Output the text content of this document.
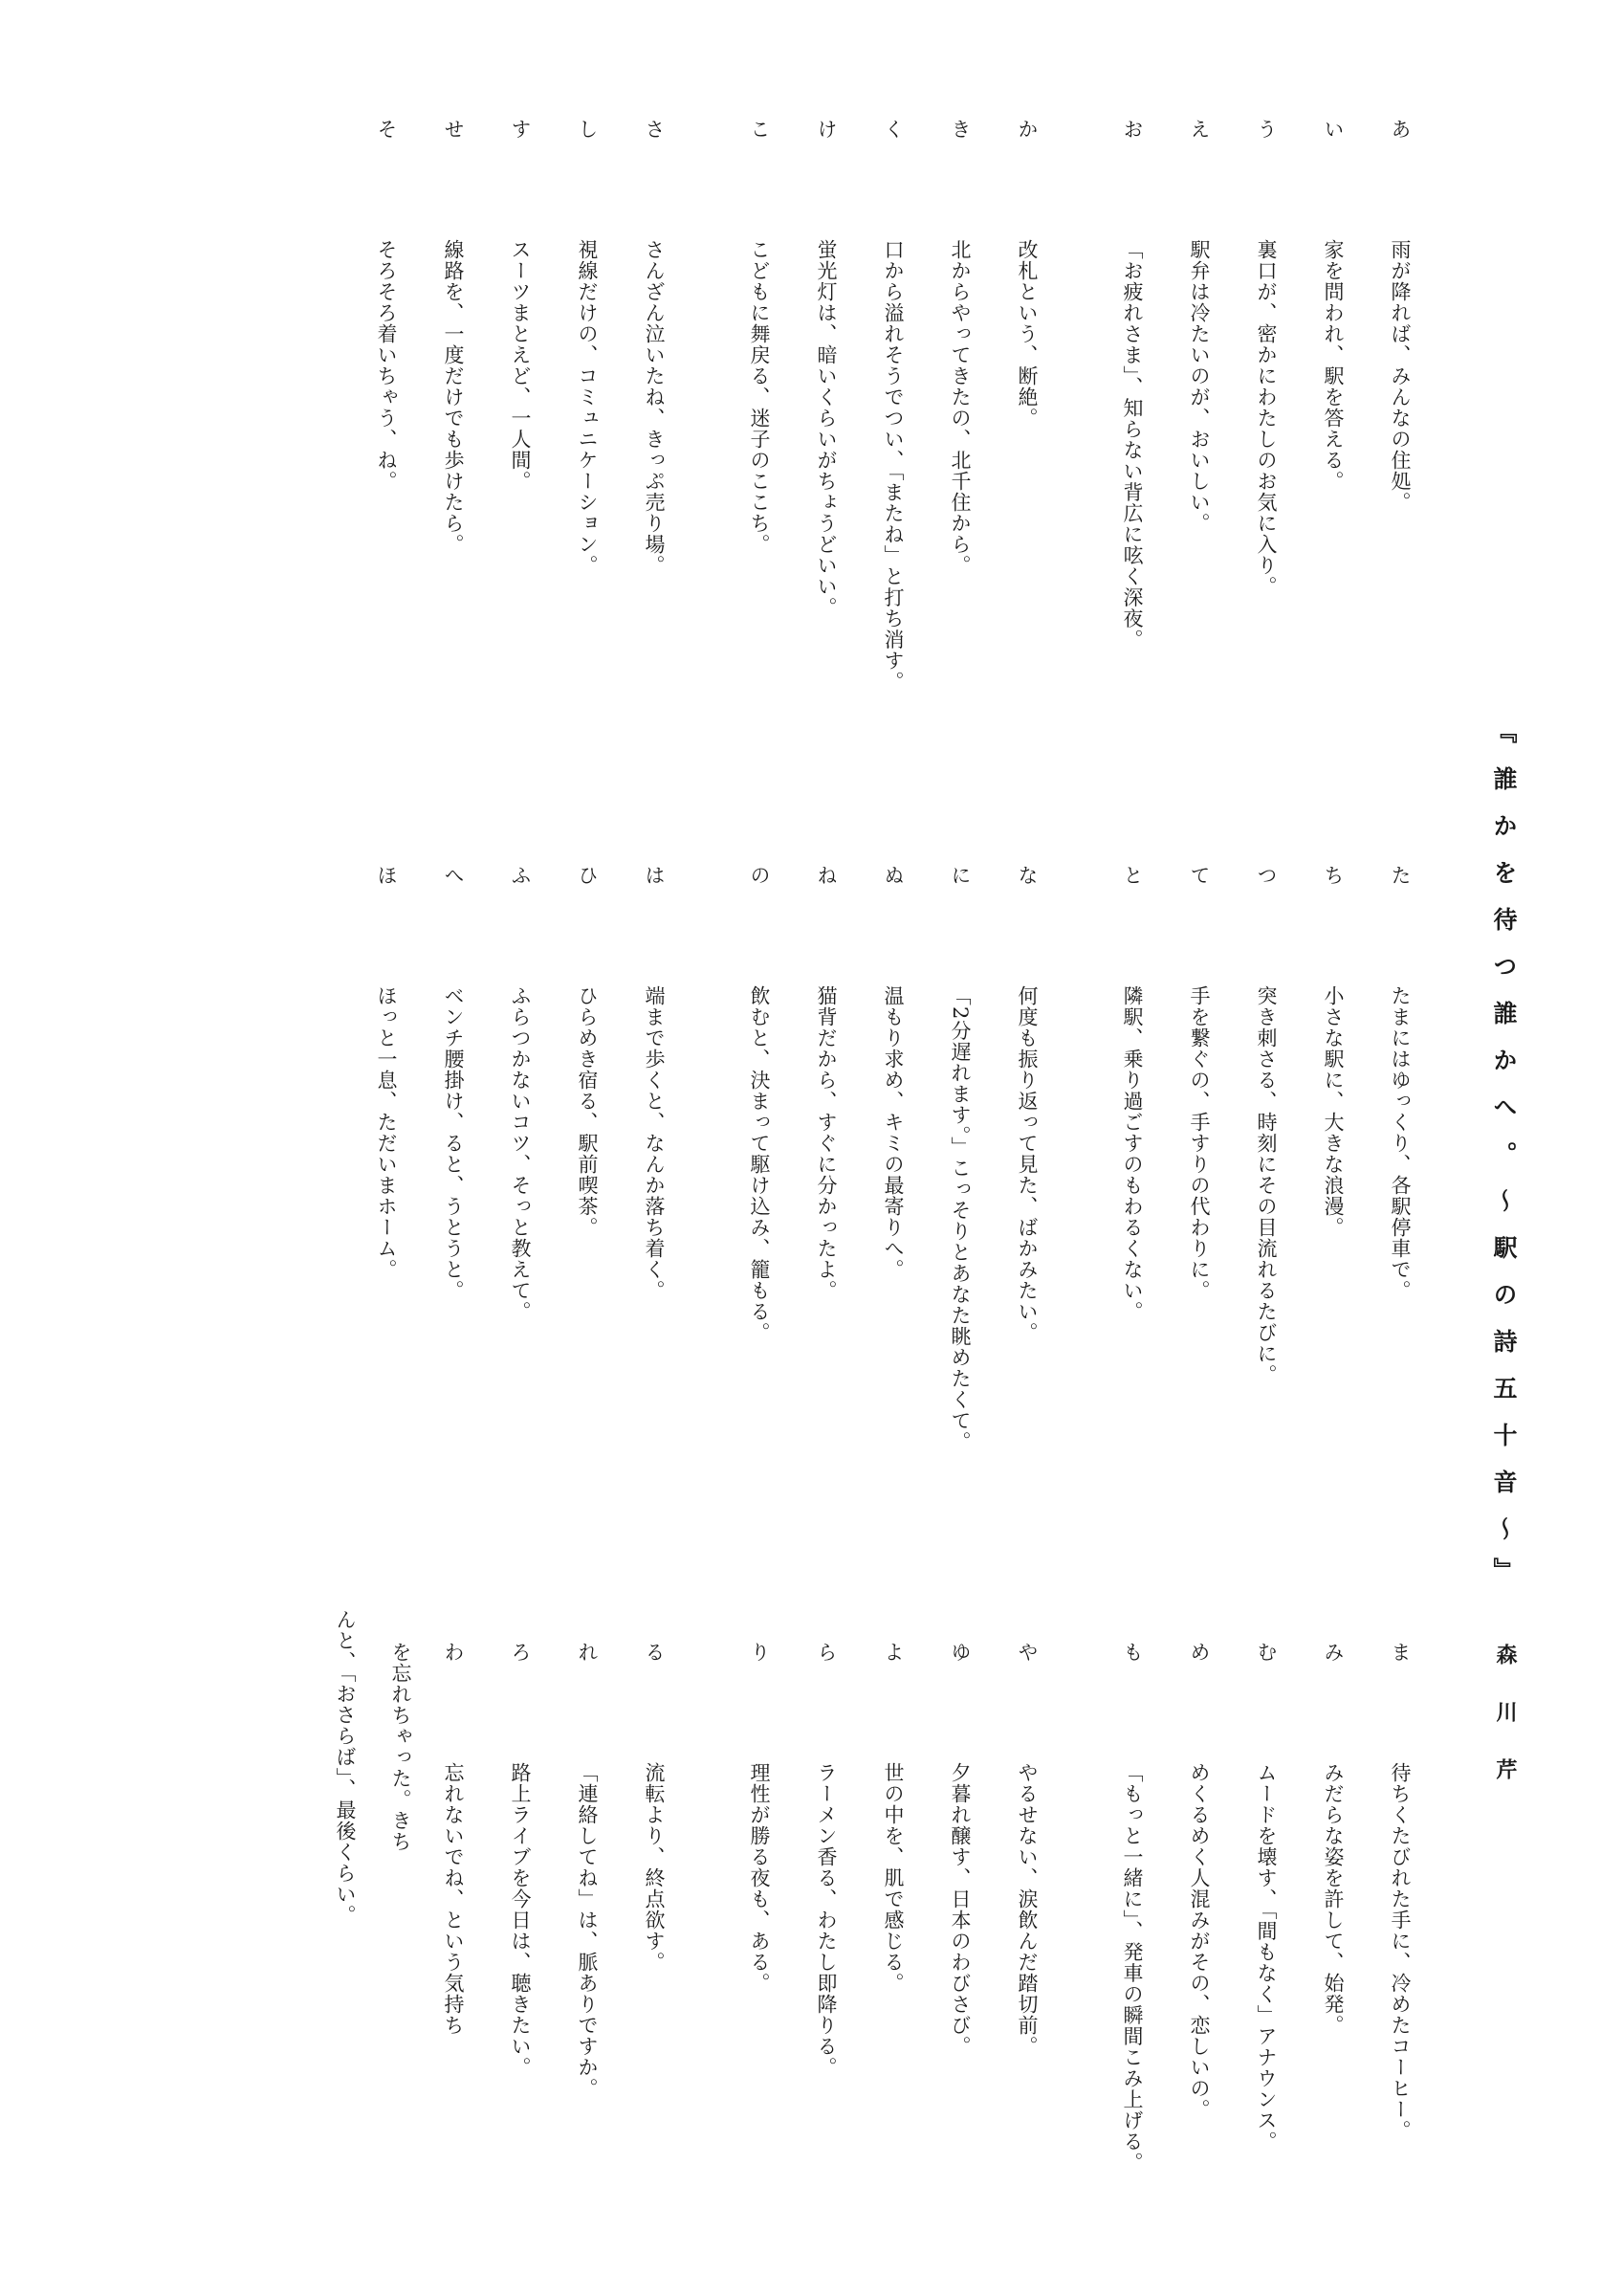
『誰かを待つ誰かへ。～駅の詩五十音～
』
森川芹
あ
雨が降れば、みんなの住処。
い
家を問われ、駅を答える。
う
裏口が、密かにわたしのお気に入り。
え
駅弁は冷たいのが、おいしい。
お
「お疲れさま」、知らない背広に呟く深夜。
か
改札という、断絶。
き
北からやってきたの、北千住から。
く
口から溢れそうでつい、「またね」と打ち消す。
け
蛍光灯は、暗いくらいがちょうどいい。
こ
こどもに舞戻る、迷子のここち。
さ
さんざん泣いたね、きっぷ売り場。
し
視線だけの、コミュニケーション。
す
スーツまとえど、一人間。
せ
線路を、一度だけでも歩けたら。
そ
そろそろ着いちゃう、ね。
た
たまにはゆっくり、各駅停車で。
ち
小さな駅に、大きな浪漫。
つ
突き刺さる、時刻にその目流れるたびに。
て
手を繋ぐの、手すりの代わりに。
と
隣駅、乗り過ごすのもわるくない。
な
何度も振り返って見た、ばかみたい。
に
「2分遅れます。」こっそりとあなた眺めたくて。
ぬ
温もり求め、キミの最寄りへ。
ね
猫背だから、すぐに分かったよ。
の
飲むと、決まって駆け込み、籠もる。
は
端まで歩くと、なんか落ち着く。
ひ
ひらめき宿る、駅前喫茶。
ふ
ふらつかないコツ、そっと教えて。
へ
ベンチ腰掛け、ると、うとうと。
ほ
ほっと一息、ただいまホーム。
ま
待ちくたびれた手に、冷めたコーヒー。
み
みだらな姿を許して、始発。
む
ムードを壊す、「間もなく」アナウンス。
め
めくるめく人混みがその、恋しいの。
も
「もっと一緒に」、発車の瞬間こみ上げる。
や
やるせない、涙飲んだ踏切前。
ゆ
夕暮れ醸す、日本のわびさび。
よ
世の中を、肌で感じる。
ら
ラーメン香る、わたし即降りる。
り
理性が勝る夜も、ある。
る
流転より、終点欲す。
れ
「連絡してね」は、脈ありですか。
ろ
路上ライブを今日は、聴きたい。
わ
忘れないでね、という気持ち
を忘れちゃった。きち
んと、「おさらば」、最後くらい。
